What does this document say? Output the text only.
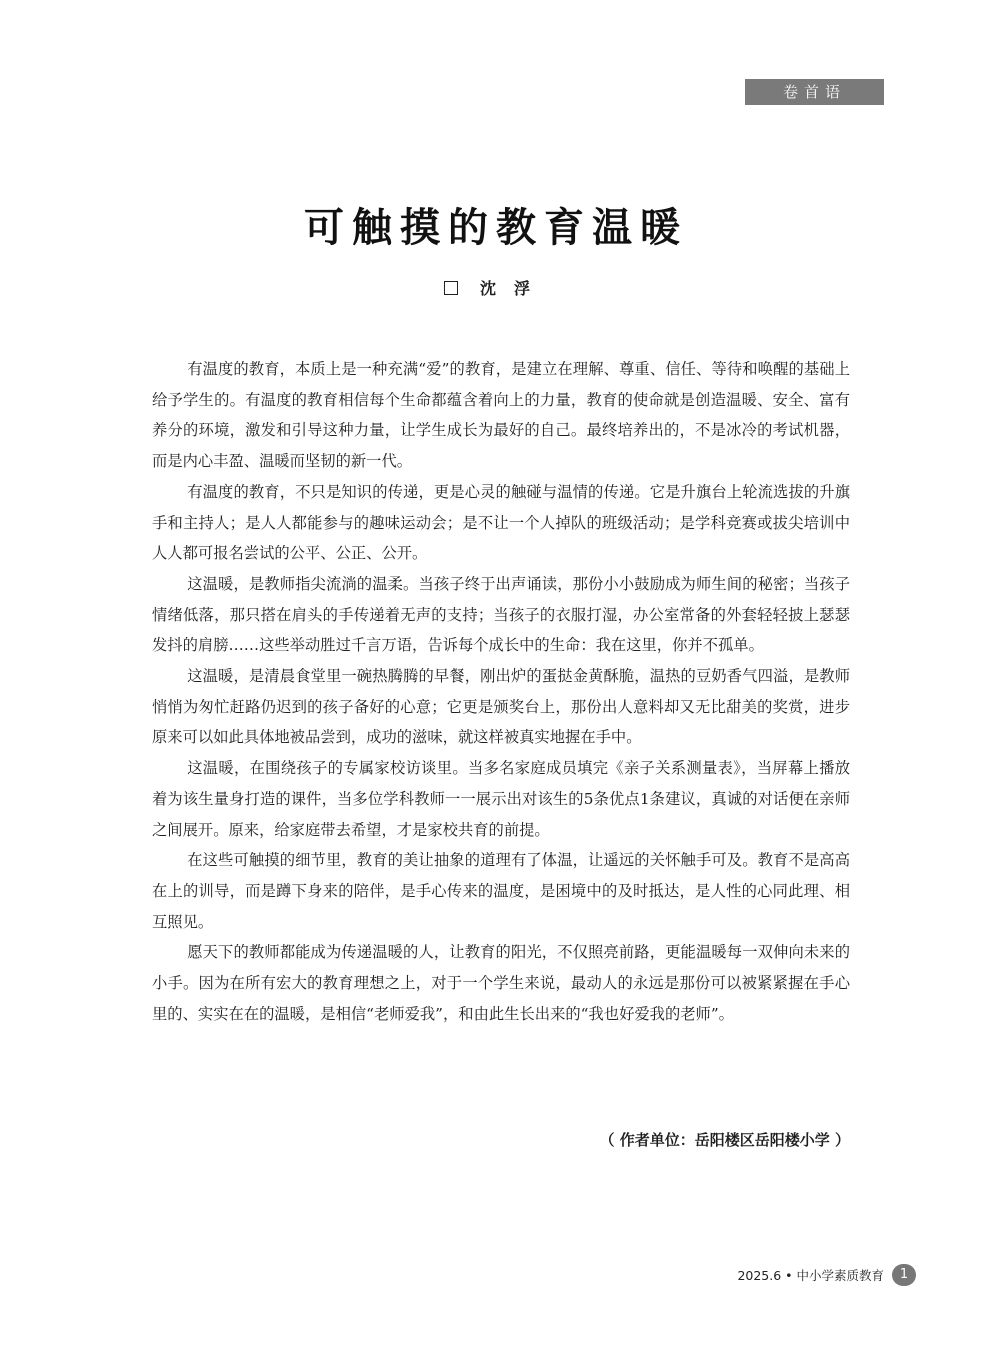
卷首语
可触摸的教育温暖
沈浮

有温度的教育，本质上是一种充满“爱”的教育，是建立在理解、尊重、信任、等待和唤醒的基础上给予学生的。有温度的教育相信每个生命都蕴含着向上的力量，教育的使命就是创造温暖、安全、富有养分的环境，激发和引导这种力量，让学生成长为最好的自己。最终培养出的，不是冰冷的考试机器，而是内心丰盈、温暖而坚韧的新一代。

有温度的教育，不只是知识的传递，更是心灵的触碰与温情的传递。它是升旗台上轮流选拔的升旗手和主持人；是人人都能参与的趣味运动会；是不让一个人掉队的班级活动；是学科竞赛或拔尖培训中人人都可报名尝试的公平、公正、公开。

这温暖，是教师指尖流淌的温柔。当孩子终于出声诵读，那份小小鼓励成为师生间的秘密；当孩子情绪低落，那只搭在肩头的手传递着无声的支持；当孩子的衣服打湿，办公室常备的外套轻轻披上瑟瑟发抖的肩膀……这些举动胜过千言万语，告诉每个成长中的生命：我在这里，你并不孤单。

这温暖，是清晨食堂里一碗热腾腾的早餐，刚出炉的蛋挞金黄酥脆，温热的豆奶香气四溢，是教师悄悄为匆忙赶路仍迟到的孩子备好的心意；它更是颁奖台上，那份出人意料却又无比甜美的奖赏，进步原来可以如此具体地被品尝到，成功的滋味，就这样被真实地握在手中。

这温暖，在围绕孩子的专属家校访谈里。当多名家庭成员填完《亲子关系测量表》，当屏幕上播放着为该生量身打造的课件，当多位学科教师一一展示出对该生的5条优点1条建议，真诚的对话便在亲师之间展开。原来，给家庭带去希望，才是家校共育的前提。

在这些可触摸的细节里，教育的美让抽象的道理有了体温，让遥远的关怀触手可及。教育不是高高在上的训导，而是蹲下身来的陪伴，是手心传来的温度，是困境中的及时抵达，是人性的心同此理、相互照见。

愿天下的教师都能成为传递温暖的人，让教育的阳光，不仅照亮前路，更能温暖每一双伸向未来的小手。因为在所有宏大的教育理想之上，对于一个学生来说，最动人的永远是那份可以被紧紧握在手心里的、实实在在的温暖，是相信“老师爱我”，和由此生长出来的“我也好爱我的老师”。

（ 作者单位：岳阳楼区岳阳楼小学 ）
2025.6 • 中小学素质教育	1
